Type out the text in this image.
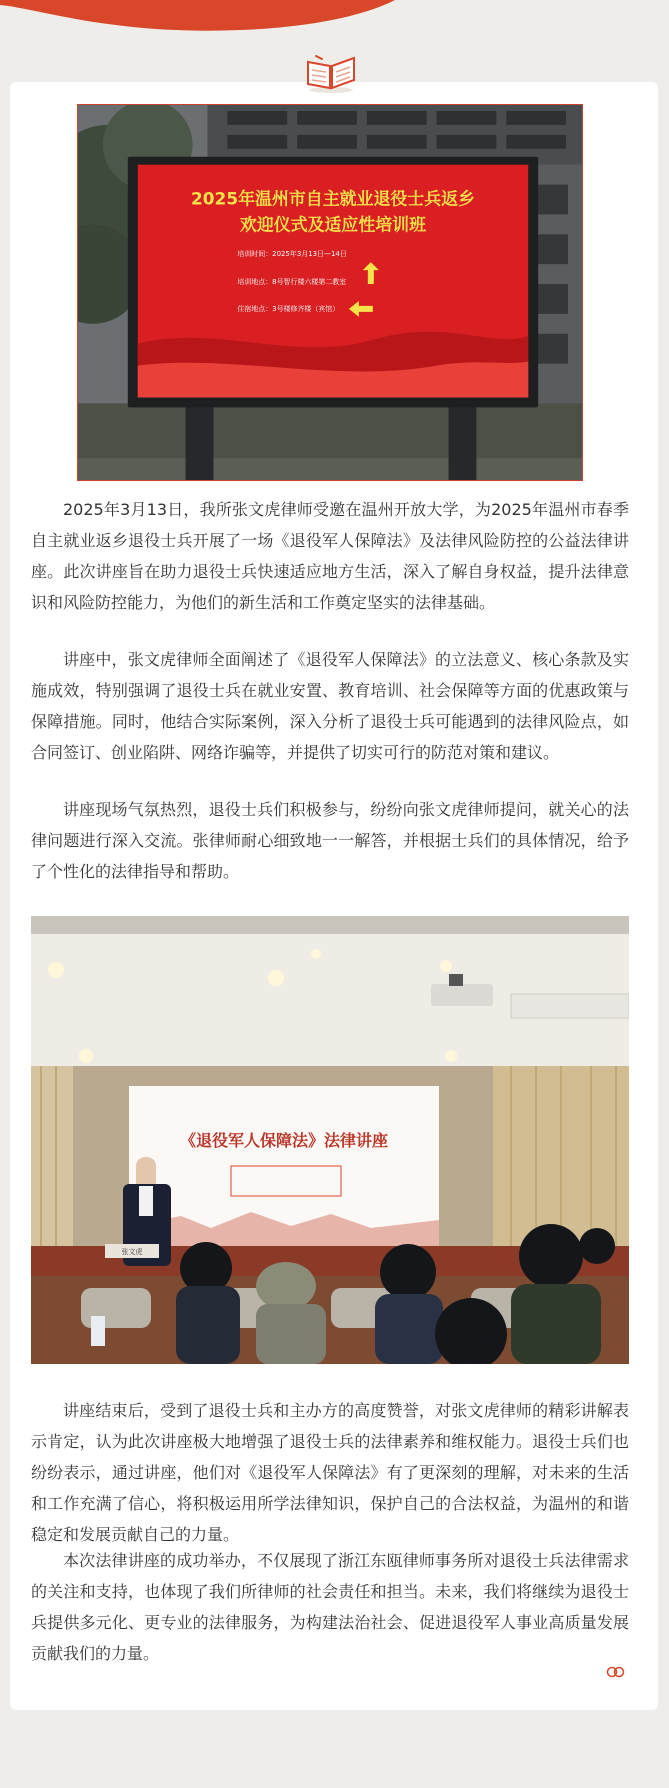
2025年温州市自主就业退役士兵返乡
欢迎仪式及适应性培训班
培训时间：2025年3月13日—14日
培训地点：8号智行楼六楼第二教室
住宿地点：3号楼修齐楼（宾馆）

2025年3月13日，我所张文虎律师受邀在温州开放大学，为2025年温州市春季自主就业返乡退役士兵开展了一场《退役军人保障法》及法律风险防控的公益法律讲座。此次讲座旨在助力退役士兵快速适应地方生活，深入了解自身权益，提升法律意识和风险防控能力，为他们的新生活和工作奠定坚实的法律基础。

讲座中，张文虎律师全面阐述了《退役军人保障法》的立法意义、核心条款及实施成效，特别强调了退役士兵在就业安置、教育培训、社会保障等方面的优惠政策与保障措施。同时，他结合实际案例，深入分析了退役士兵可能遇到的法律风险点，如合同签订、创业陷阱、网络诈骗等，并提供了切实可行的防范对策和建议。

讲座现场气氛热烈，退役士兵们积极参与，纷纷向张文虎律师提问，就关心的法律问题进行深入交流。张律师耐心细致地一一解答，并根据士兵们的具体情况，给予了个性化的法律指导和帮助。

《退役军人保障法》法律讲座
张文虎

讲座结束后，受到了退役士兵和主办方的高度赞誉，对张文虎律师的精彩讲解表示肯定，认为此次讲座极大地增强了退役士兵的法律素养和维权能力。退役士兵们也纷纷表示，通过讲座，他们对《退役军人保障法》有了更深刻的理解，对未来的生活和工作充满了信心，将积极运用所学法律知识，保护自己的合法权益，为温州的和谐稳定和发展贡献自己的力量。

本次法律讲座的成功举办，不仅展现了浙江东瓯律师事务所对退役士兵法律需求的关注和支持，也体现了我们所律师的社会责任和担当。未来，我们将继续为退役士兵提供多元化、更专业的法律服务，为构建法治社会、促进退役军人事业高质量发展贡献我们的力量。
